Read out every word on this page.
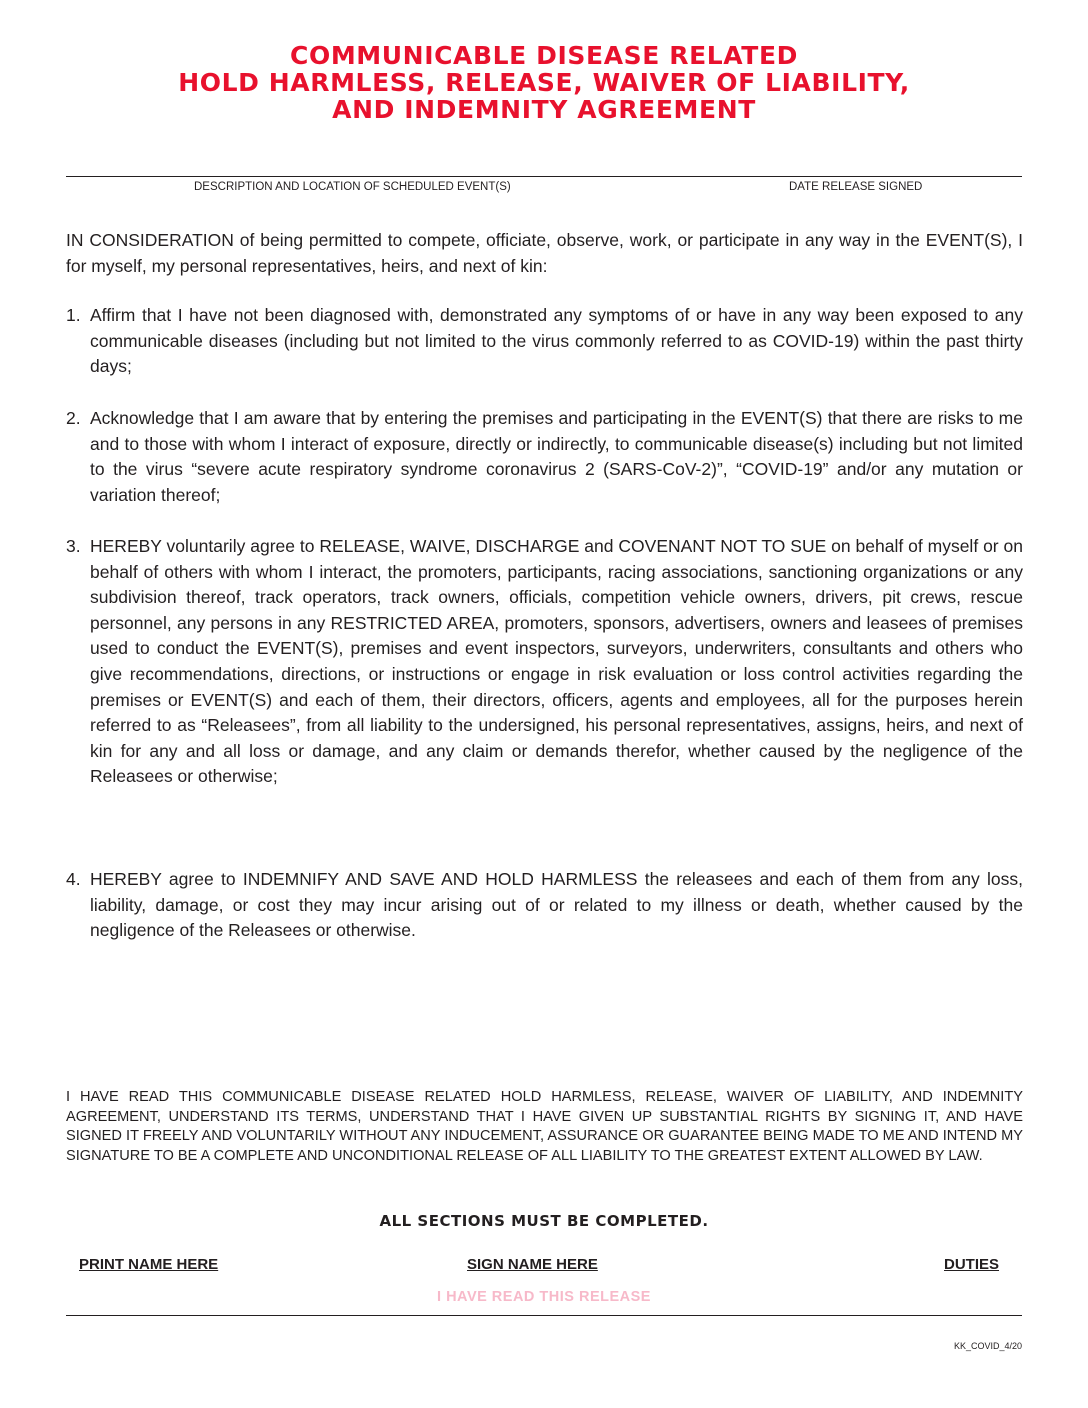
COMMUNICABLE DISEASE RELATED
HOLD HARMLESS, RELEASE, WAIVER OF LIABILITY,
AND INDEMNITY AGREEMENT
DESCRIPTION AND LOCATION OF SCHEDULED EVENT(S)	DATE RELEASE SIGNED
IN CONSIDERATION of being permitted to compete, officiate, observe, work, or participate in any way in the EVENT(S), I for myself, my personal representatives, heirs, and next of kin:
1. Affirm that I have not been diagnosed with, demonstrated any symptoms of or have in any way been exposed to any communicable diseases (including but not limited to the virus commonly referred to as COVID-19) within the past thirty days;
2. Acknowledge that I am aware that by entering the premises and participating in the EVENT(S) that there are risks to me and to those with whom I interact of exposure, directly or indirectly, to communicable disease(s) including but not limited to the virus “severe acute respiratory syndrome coronavirus 2 (SARS-CoV-2)”, “COVID-19” and/or any mutation or variation thereof;
3. HEREBY voluntarily agree to RELEASE, WAIVE, DISCHARGE and COVENANT NOT TO SUE on behalf of myself or on behalf of others with whom I interact, the promoters, participants, racing associations, sanctioning organizations or any subdivision thereof, track operators, track owners, officials, competition vehicle owners, drivers, pit crews, rescue personnel, any persons in any RESTRICTED AREA, promoters, sponsors, advertisers, owners and leasees of premises used to conduct the EVENT(S), premises and event inspectors, surveyors, underwriters, consultants and others who give recommendations, directions, or instructions or engage in risk evaluation or loss control activities regarding the premises or EVENT(S) and each of them, their directors, officers, agents and employees, all for the purposes herein referred to as “Releasees”, from all liability to the undersigned, his personal representatives, assigns, heirs, and next of kin for any and all loss or damage, and any claim or demands therefor, whether caused by the negligence of the Releasees or otherwise;
4. HEREBY agree to INDEMNIFY AND SAVE AND HOLD HARMLESS the releasees and each of them from any loss, liability, damage, or cost they may incur arising out of or related to my illness or death, whether caused by the negligence of the Releasees or otherwise.
I HAVE READ THIS COMMUNICABLE DISEASE RELATED HOLD HARMLESS, RELEASE, WAIVER OF LIABILITY, AND INDEMNITY AGREEMENT, UNDERSTAND ITS TERMS, UNDERSTAND THAT I HAVE GIVEN UP SUBSTANTIAL RIGHTS BY SIGNING IT, AND HAVE SIGNED IT FREELY AND VOLUNTARILY WITHOUT ANY INDUCEMENT, ASSURANCE OR GUARANTEE BEING MADE TO ME AND INTEND MY SIGNATURE TO BE A COMPLETE AND UNCONDITIONAL RELEASE OF ALL LIABILITY TO THE GREATEST EXTENT ALLOWED BY LAW.
ALL SECTIONS MUST BE COMPLETED.
PRINT NAME HERE	SIGN NAME HERE	DUTIES
I HAVE READ THIS RELEASE
KK_COVID_4/20
